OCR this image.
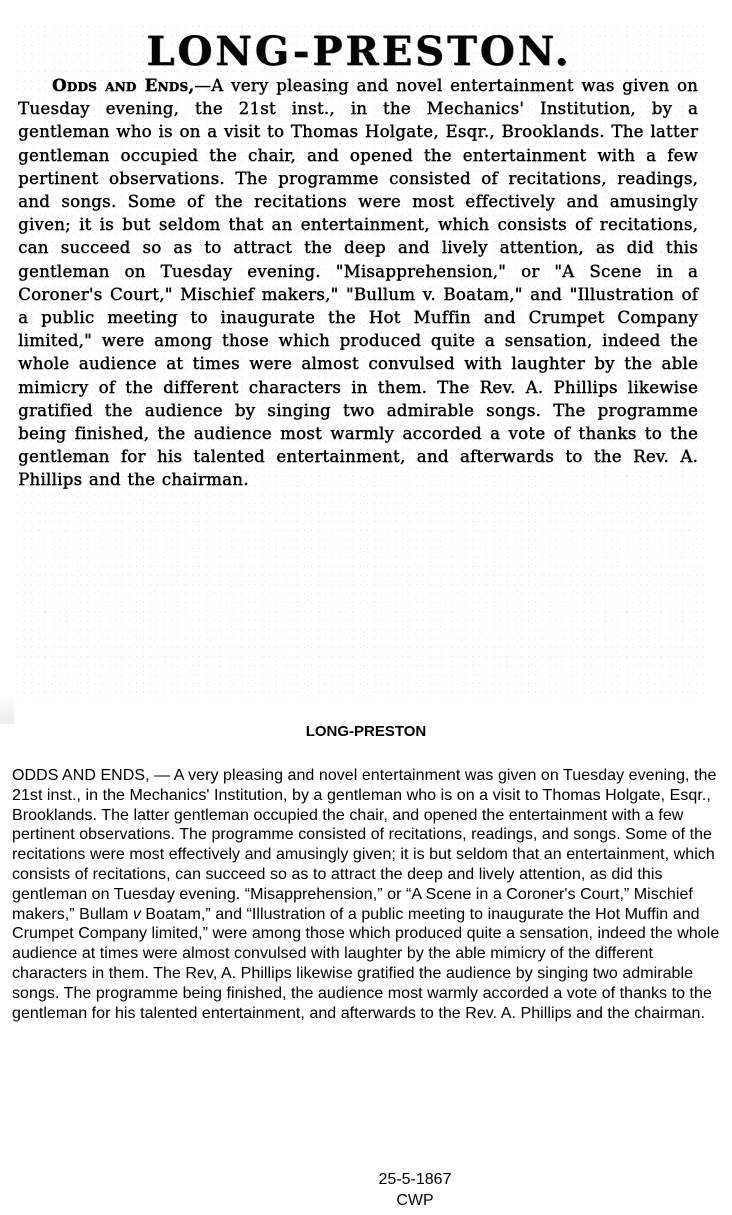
LONG-PRESTON.
Odds and Ends,—A very pleasing and novel entertainment was given on Tuesday evening, the 21st inst., in the Mechanics' Institution, by a gentleman who is on a visit to Thomas Holgate, Esqr., Brooklands. The latter gentleman occupied the chair, and opened the entertainment with a few pertinent observations. The programme consisted of recitations, readings, and songs. Some of the recitations were most effectively and amusingly given; it is but seldom that an entertainment, which consists of recitations, can succeed so as to attract the deep and lively attention, as did this gentleman on Tuesday evening. "Misapprehension," or "A Scene in a Coroner's Court," Mischief makers," "Bullum v. Boatam," and "Illustration of a public meeting to inaugurate the Hot Muffin and Crumpet Company limited," were among those which produced quite a sensation, indeed the whole audience at times were almost convulsed with laughter by the able mimicry of the different characters in them. The Rev. A. Phillips likewise gratified the audience by singing two admirable songs. The programme being finished, the audience most warmly accorded a vote of thanks to the gentleman for his talented entertainment, and afterwards to the Rev. A. Phillips and the chairman.
LONG-PRESTON
ODDS AND ENDS, — A very pleasing and novel entertainment was given on Tuesday evening, the 21st inst., in the Mechanics' Institution, by a gentleman who is on a visit to Thomas Holgate, Esqr., Brooklands. The latter gentleman occupied the chair, and opened the entertainment with a few pertinent observations. The programme consisted of recitations, readings, and songs. Some of the recitations were most effectively and amusingly given; it is but seldom that an entertainment, which consists of recitations, can succeed so as to attract the deep and lively attention, as did this gentleman on Tuesday evening. “Misapprehension,” or “A Scene in a Coroner's Court,” Mischief makers,” Bullam v Boatam,” and “Illustration of a public meeting to inaugurate the Hot Muffin and Crumpet Company limited,” were among those which produced quite a sensation, indeed the whole audience at times were almost convulsed with laughter by the able mimicry of the different characters in them. The Rev, A. Phillips likewise gratified the audience by singing two admirable songs. The programme being finished, the audience most warmly accorded a vote of thanks to the gentleman for his talented entertainment, and afterwards to the Rev. A. Phillips and the chairman.
25-5-1867
CWP
